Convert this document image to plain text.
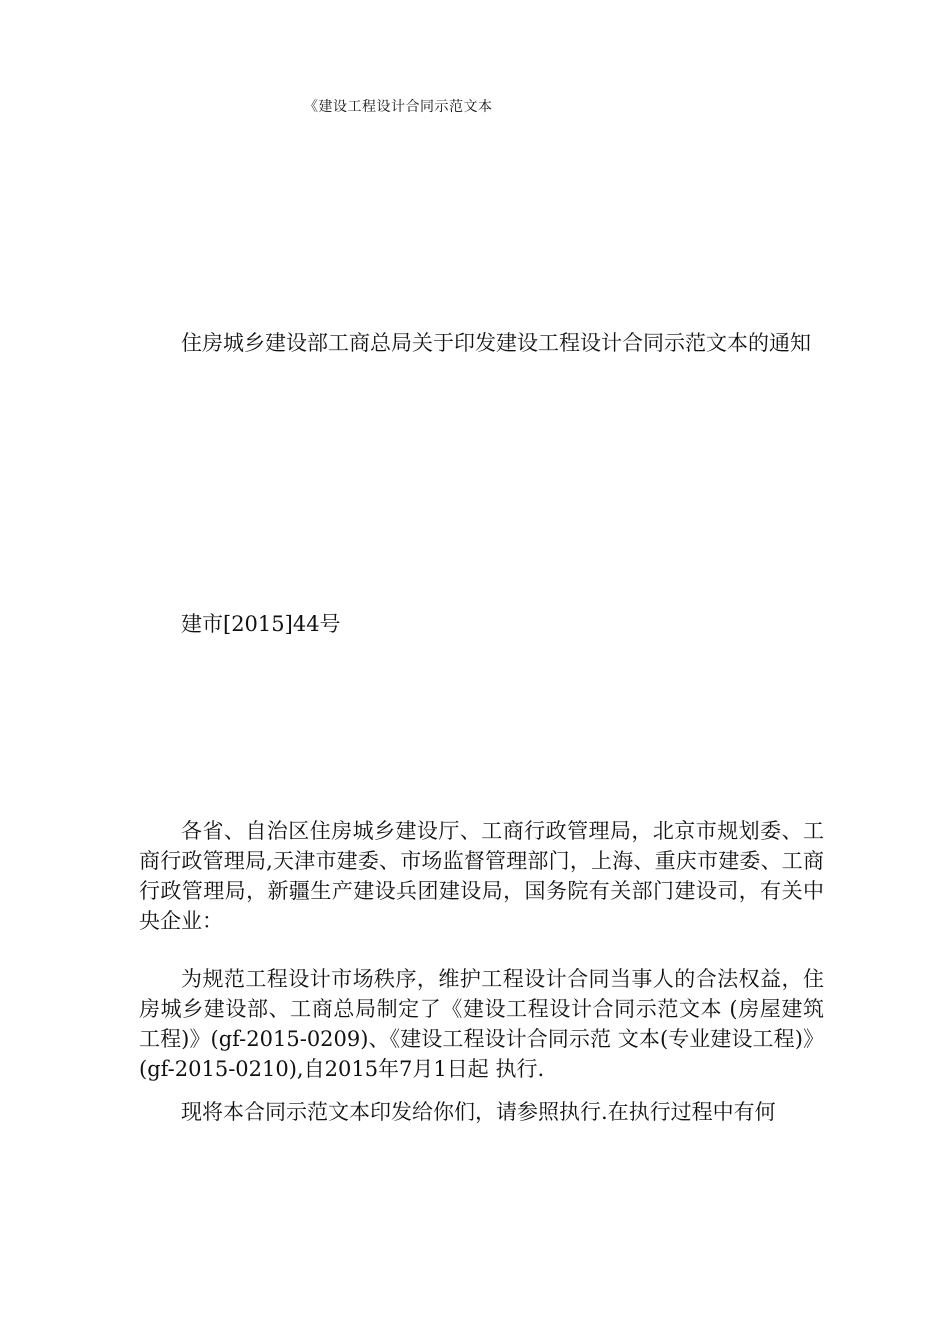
《建设工程设计合同示范文本

住房城乡建设部工商总局关于印发建设工程设计合同示范文本的通知

建市[2015]44号

各省、自治区住房城乡建设厅、工商行政管理局，北京市规划委、工商行政管理局,天津市建委、市场监督管理部门，上海、重庆市建委、工商行政管理局，新疆生产建设兵团建设局，国务院有关部门建设司，有关中央企业：

为规范工程设计市场秩序，维护工程设计合同当事人的合法权益，住房城乡建设部、工商总局制定了《建设工程设计合同示范文本 (房屋建筑工程)》(gf-2015-0209)、《建设工程设计合同示范 文本(专业建设工程)》(gf-2015-0210),自2015年7月1日起 执行.

现将本合同示范文本印发给你们，请参照执行.在执行过程中有何
